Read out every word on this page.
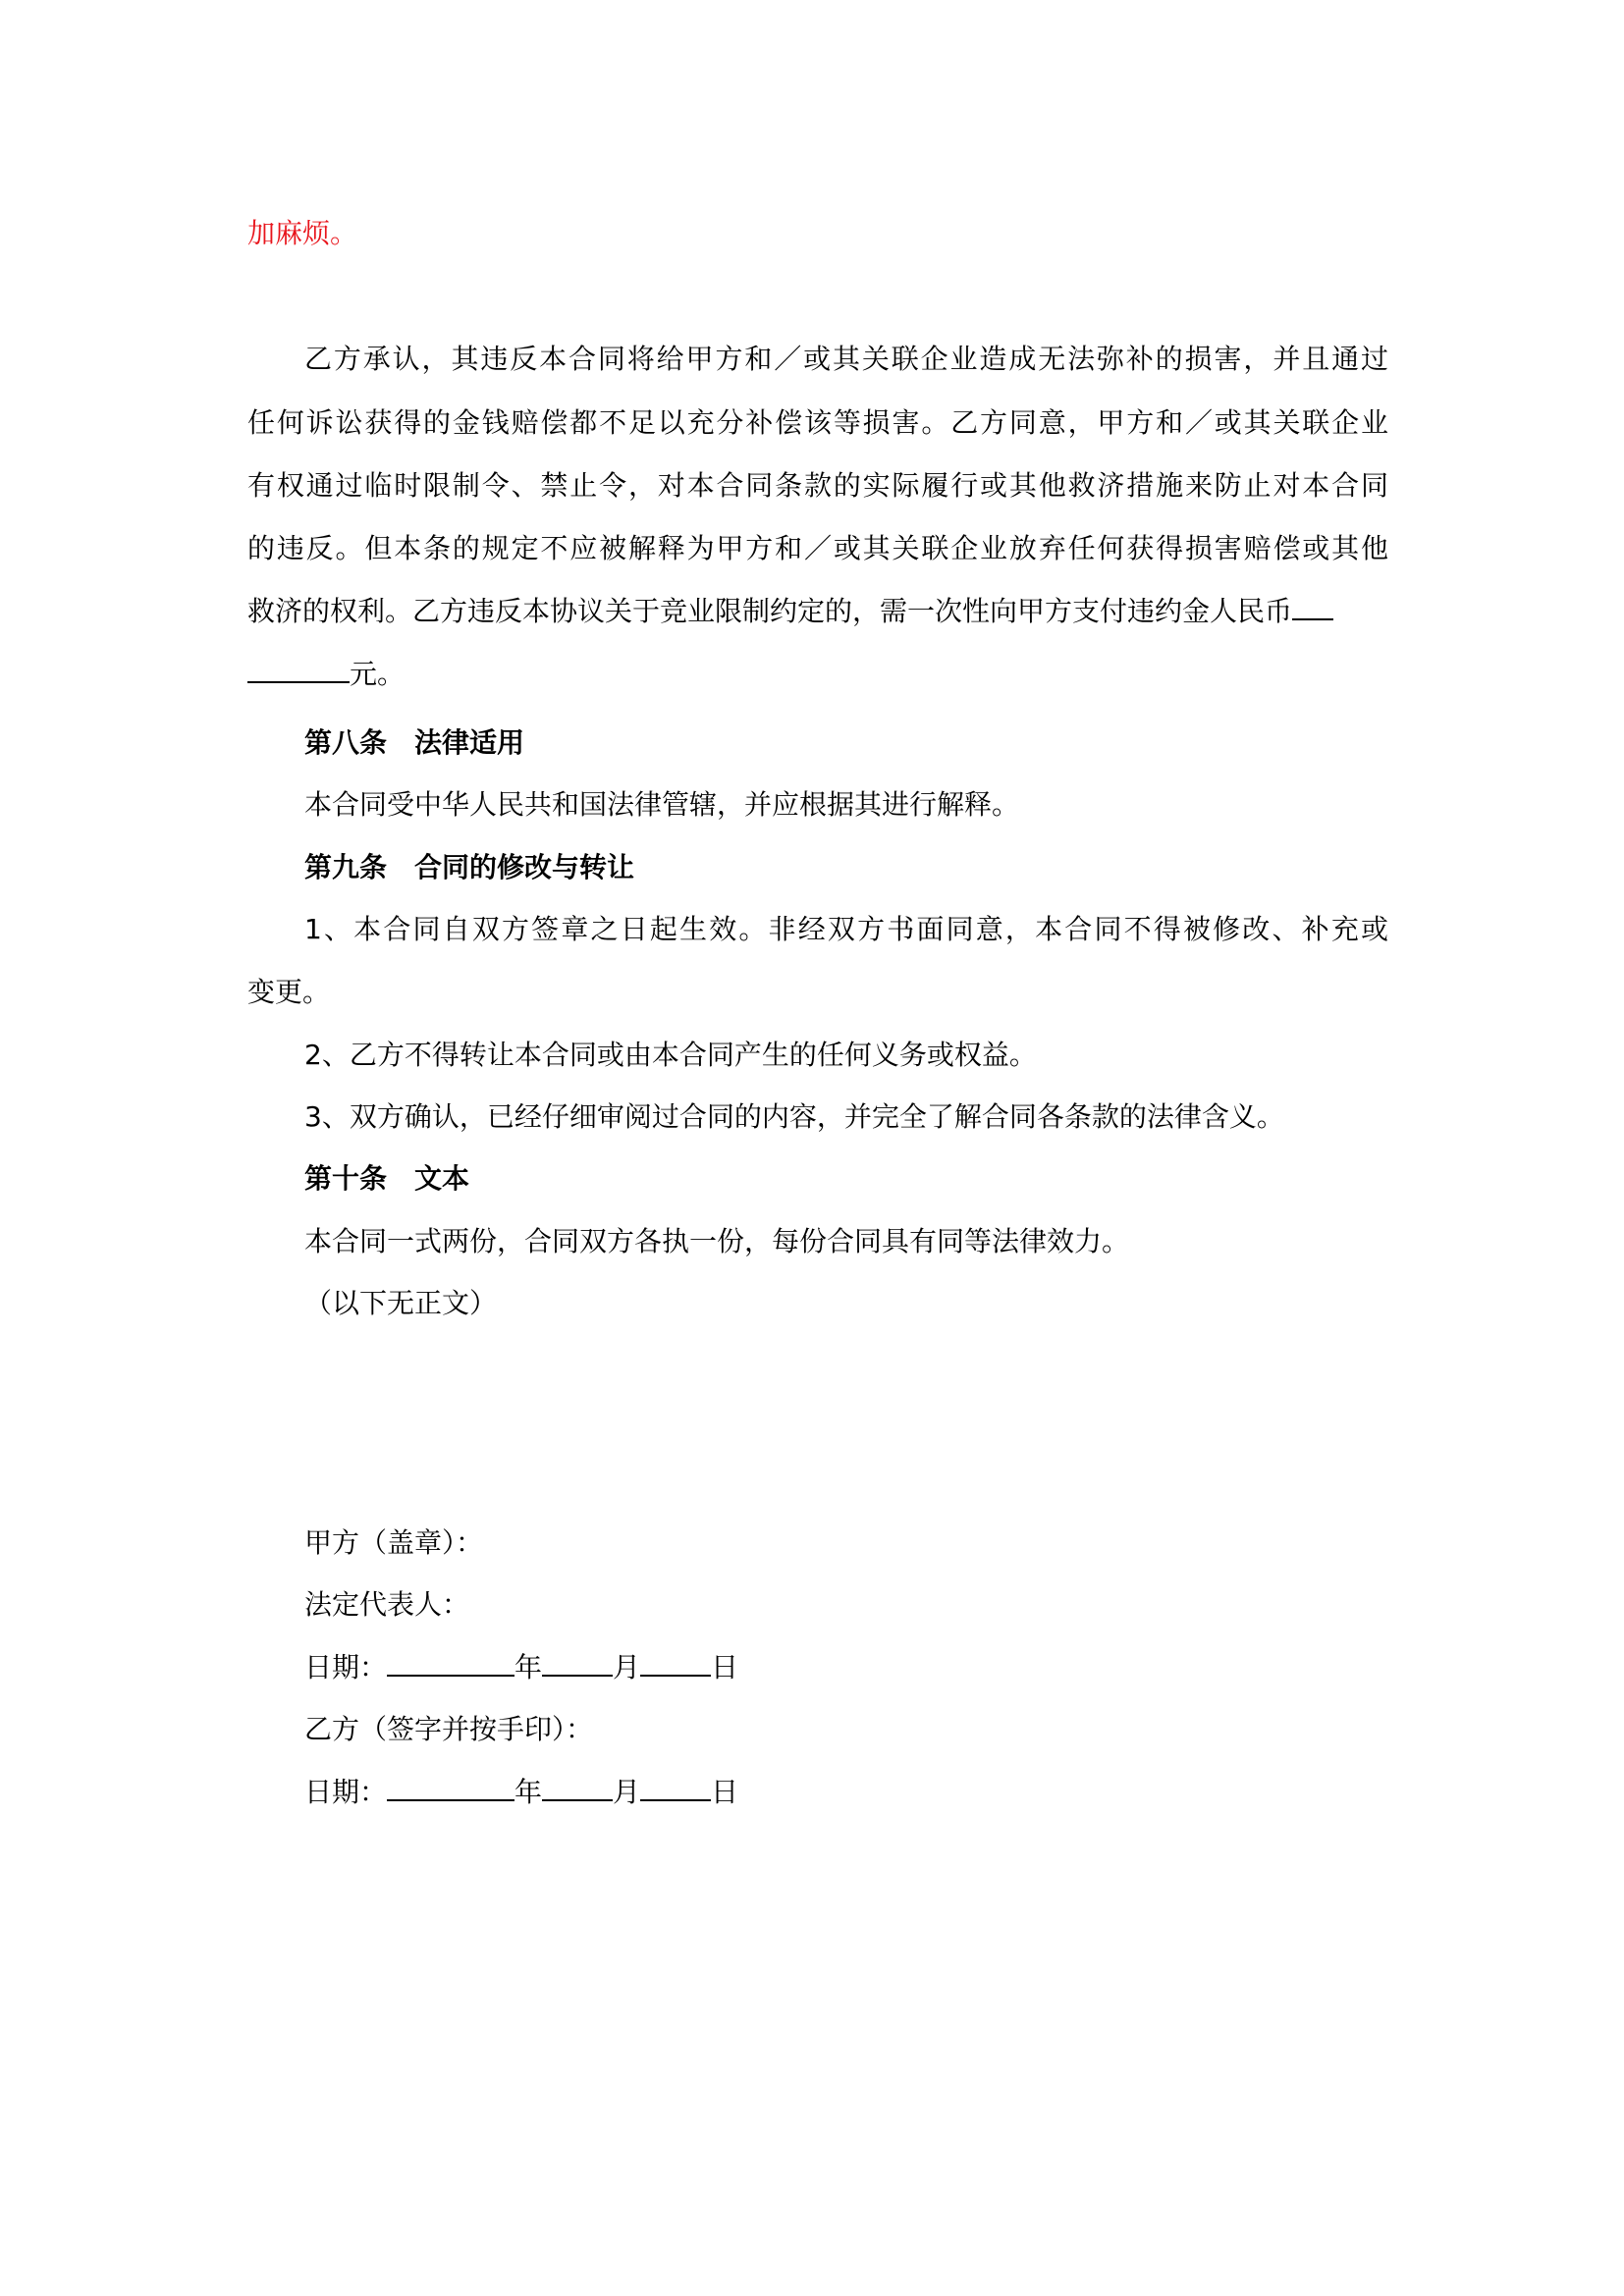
加麻烦。
乙方承认，其违反本合同将给甲方和／或其关联企业造成无法弥补的损害，并且通过
任何诉讼获得的金钱赔偿都不足以充分补偿该等损害。乙方同意，甲方和／或其关联企业
有权通过临时限制令、禁止令，对本合同条款的实际履行或其他救济措施来防止对本合同
的违反。但本条的规定不应被解释为甲方和／或其关联企业放弃任何获得损害赔偿或其他
救济的权利。乙方违反本协议关于竞业限制约定的，需一次性向甲方支付违约金人民币
元。
第八条　法律适用
本合同受中华人民共和国法律管辖，并应根据其进行解释。
第九条　合同的修改与转让
1、本合同自双方签章之日起生效。非经双方书面同意，本合同不得被修改、补充或
变更。
2、乙方不得转让本合同或由本合同产生的任何义务或权益。
3、双方确认，已经仔细审阅过合同的内容，并完全了解合同各条款的法律含义。
第十条　文本
本合同一式两份，合同双方各执一份，每份合同具有同等法律效力。
（以下无正文）
甲方（盖章）：
法定代表人：
日期：	年	月	日
乙方（签字并按手印）：
日期：	年	月	日
